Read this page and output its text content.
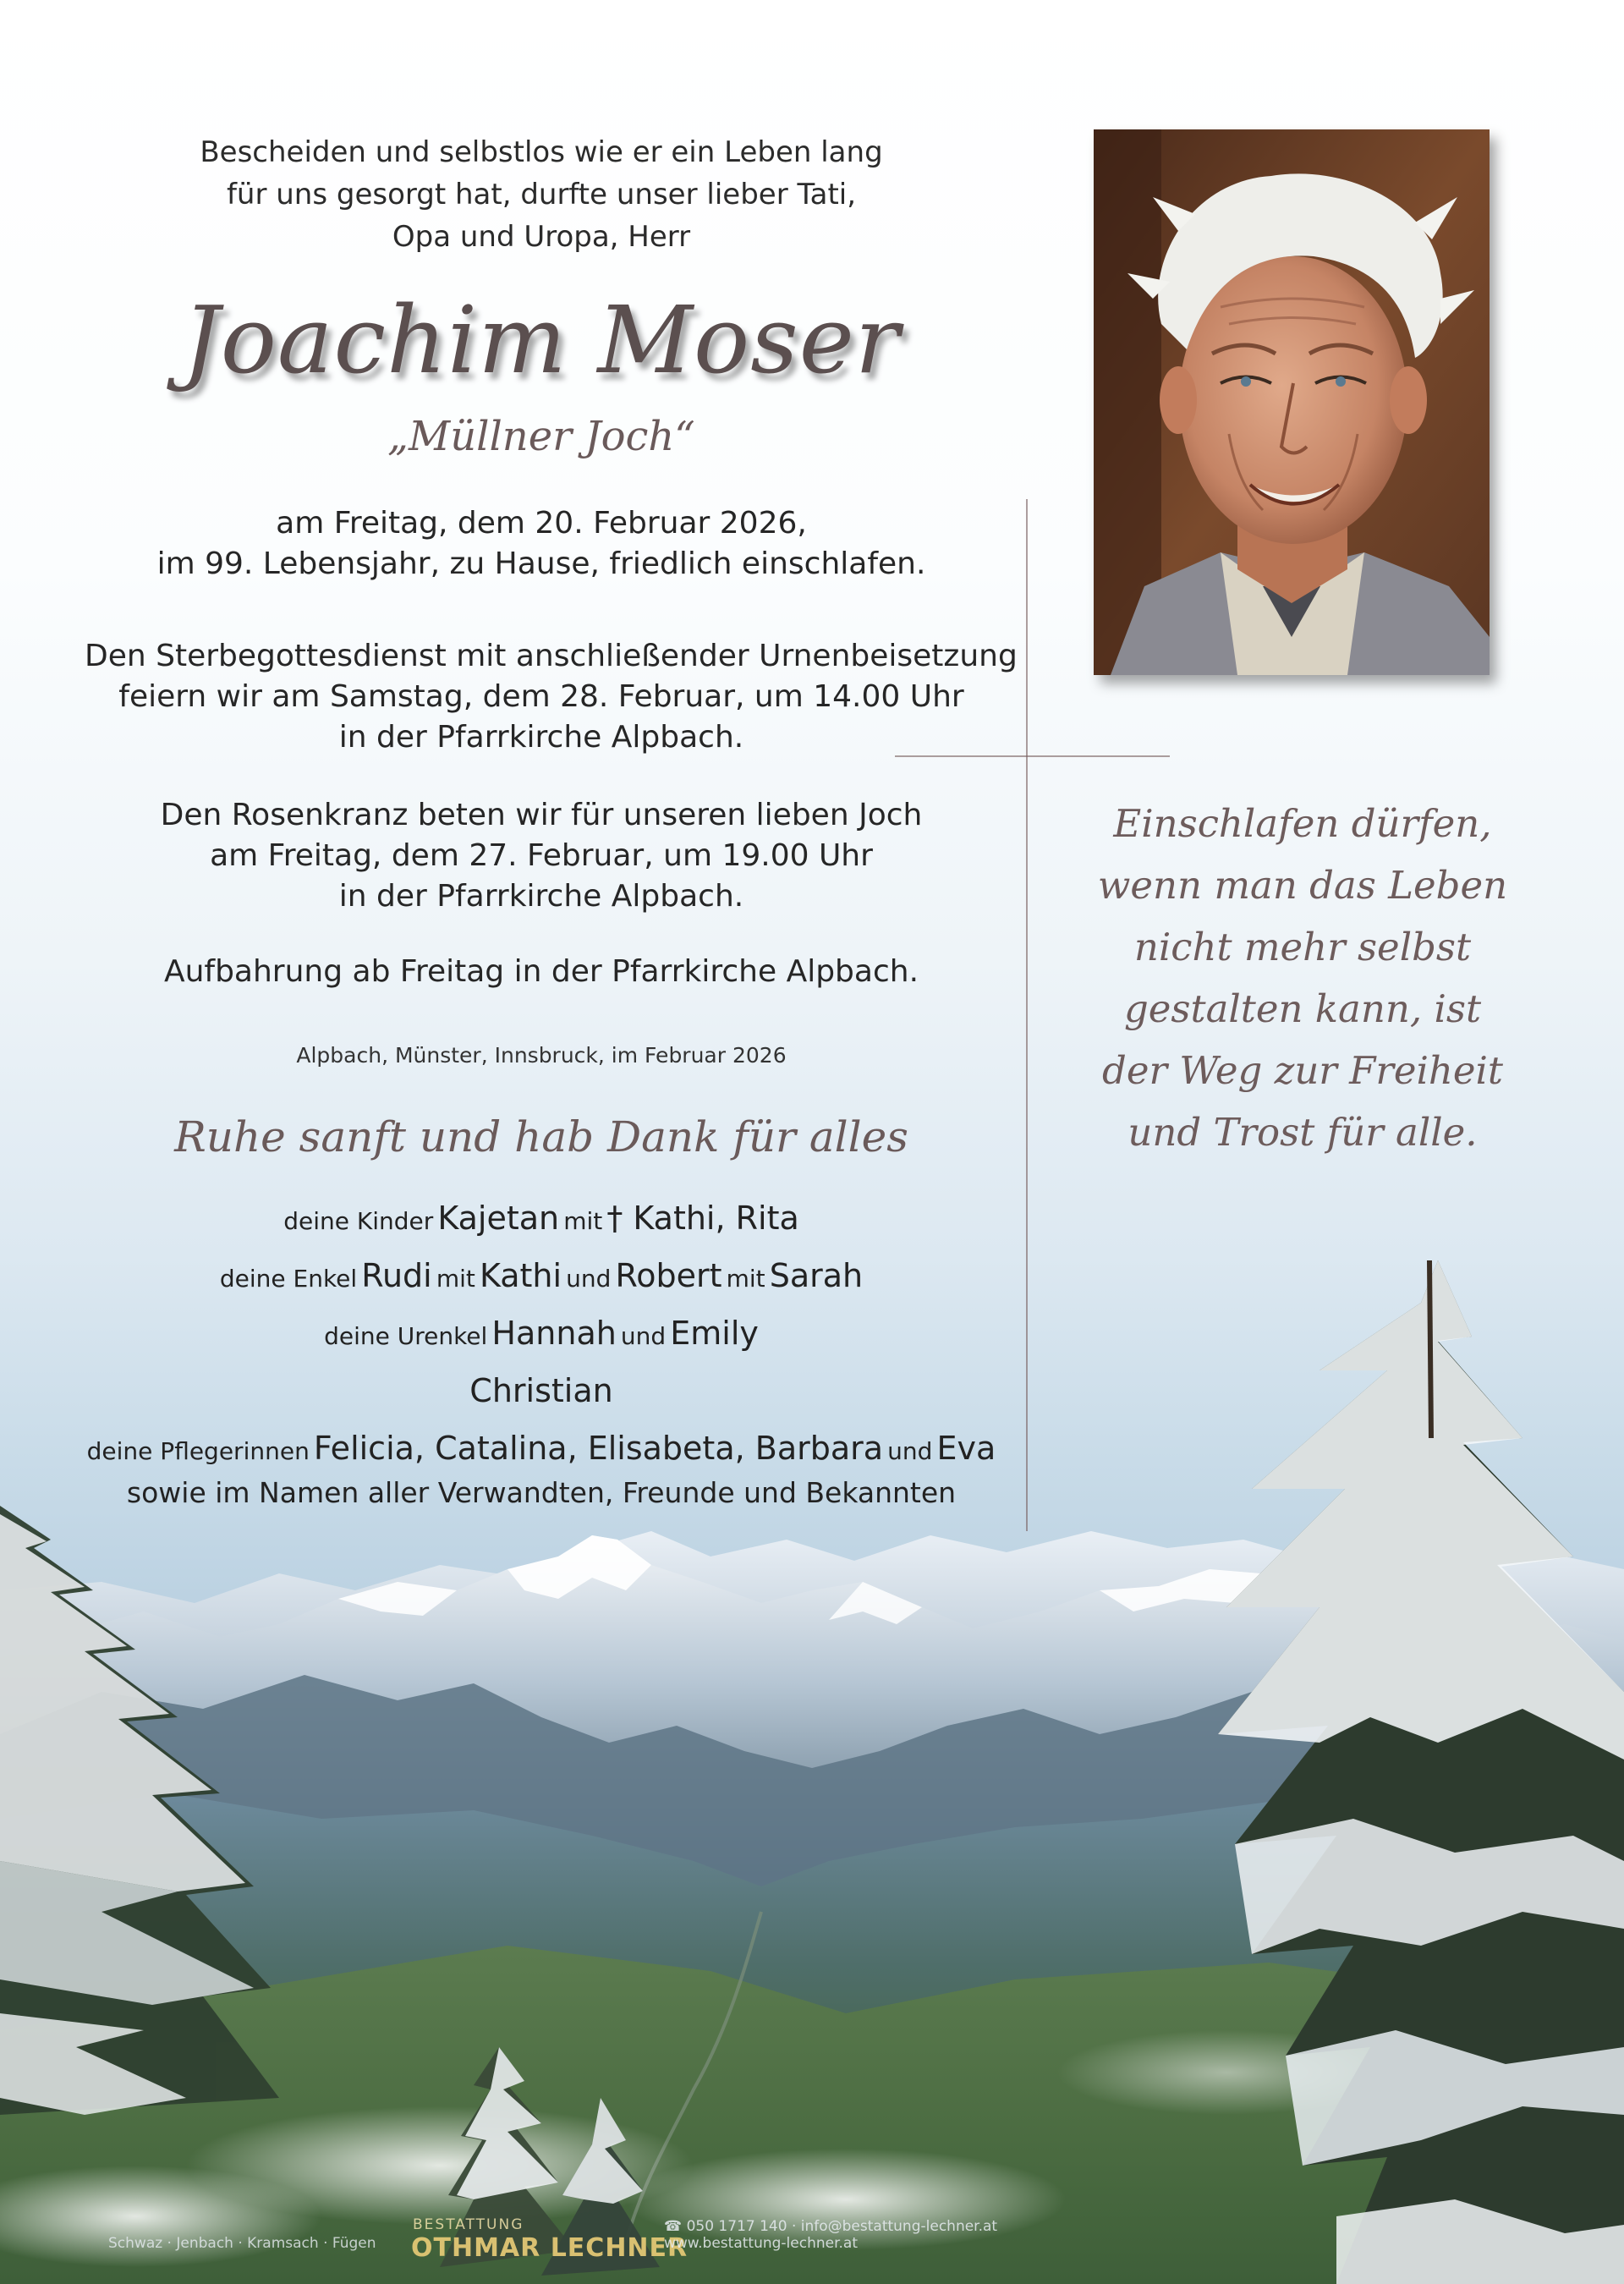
Bescheiden und selbstlos wie er ein Leben lang
für uns gesorgt hat, durfte unser lieber Tati,
Opa und Uropa, Herr
Joachim Moser
„Müllner Joch“
am Freitag, dem 20. Februar 2026,
im 99. Lebensjahr, zu Hause, friedlich einschlafen.
Den Sterbegottesdienst mit anschließender Urnenbeisetzung
feiern wir am Samstag, dem 28. Februar, um 14.00 Uhr
in der Pfarrkirche Alpbach.
Den Rosenkranz beten wir für unseren lieben Joch
am Freitag, dem 27. Februar, um 19.00 Uhr
in der Pfarrkirche Alpbach.
Aufbahrung ab Freitag in der Pfarrkirche Alpbach.
Alpbach, Münster, Innsbruck, im Februar 2026
Ruhe sanft und hab Dank für alles
deine Kinder Kajetan mit † Kathi, Rita
deine Enkel Rudi mit Kathi und Robert mit Sarah
deine Urenkel Hannah und Emily
Christian
deine Pflegerinnen Felicia, Catalina, Elisabeta, Barbara und Eva
sowie im Namen aller Verwandten, Freunde und Bekannten
Einschlafen dürfen,
wenn man das Leben
nicht mehr selbst
gestalten kann, ist
der Weg zur Freiheit
und Trost für alle.
Schwaz · Jenbach · Kramsach · Fügen
BESTATTUNG
OTHMAR LECHNER
☎ 050 1717 140 · info@bestattung-lechner.at
www.bestattung-lechner.at
